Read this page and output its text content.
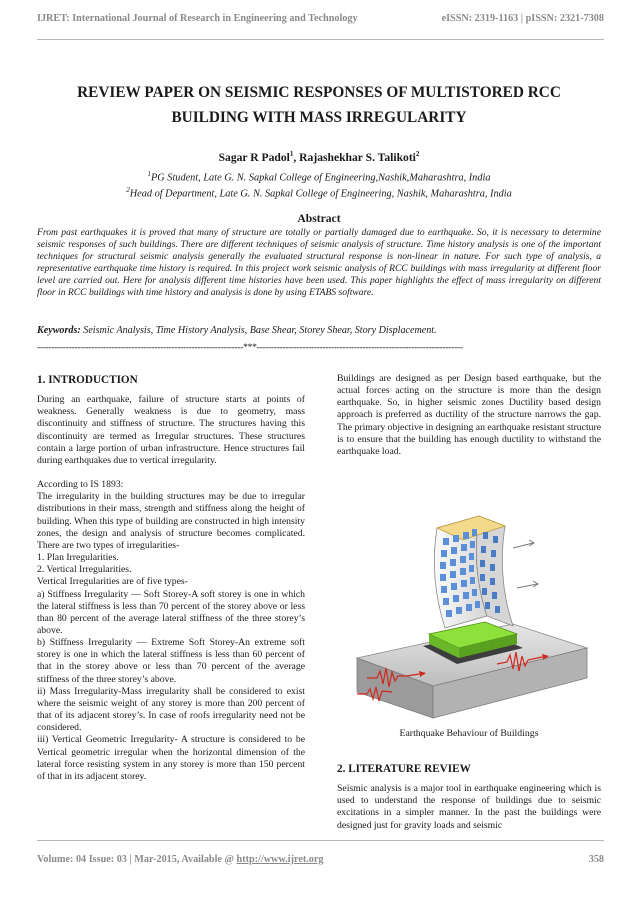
IJRET: International Journal of Research in Engineering and Technology	eISSN: 2319-1163 | pISSN: 2321-7308
REVIEW PAPER ON SEISMIC RESPONSES OF MULTISTORED RCC
BUILDING WITH MASS IRREGULARITY
Sagar R Padol$^1$, Rajashekhar S. Talikoti$^2$
$^1$PG Student, Late G. N. Sapkal College of Engineering,Nashik,Maharashtra, India
$^2$Head of Department, Late G. N. Sapkal College of Engineering, Nashik, Maharashtra, India
Abstract
From past earthquakes it is proved that many of structure are totally or partially damaged due to earthquake. So, it is necessary to determine seismic responses of such buildings. There are different techniques of seismic analysis of structure. Time history analysis is one of the important techniques for structural seismic analysis generally the evaluated structural response is non-linear in nature. For such type of analysis, a representative earthquake time history is required. In this project work seismic analysis of RCC buildings with mass irregularity at different floor level are carried out. Here for analysis different time histories have been used. This paper highlights the effect of mass irregularity on different floor in RCC buildings with time history and analysis is done by using ETABS software.
Keywords: Seismic Analysis, Time History Analysis, Base Shear, Storey Shear, Story Displacement.
------------------------------------------------------------------------***------------------------------------------------------------------------
1. INTRODUCTION

During an earthquake, failure of structure starts at points of weakness. Generally weakness is due to geometry, mass discontinuity and stiffness of structure. The structures having this discontinuity are termed as Irregular structures. These structures contain a large portion of urban infrastructure. Hence structures fail during earthquakes due to vertical irregularity.

According to IS 1893:

The irregularity in the building structures may be due to irregular distributions in their mass, strength and stiffness along the height of building. When this type of building are constructed in high intensity zones, the design and analysis of structure becomes complicated. There are two types of irregularities-

1. Plan Irregularities.

2. Vertical Irregularities.

Vertical Irregularities are of five types-

a) Stiffness Irregularity — Soft Storey-A soft storey is one in which the lateral stiffness is less than 70 percent of the storey above or less than 80 percent of the average lateral stiffness of the three storey’s above.

b) Stiffness Irregularity — Extreme Soft Storey-An extreme soft storey is one in which the lateral stiffness is less than 60 percent of that in the storey above or less than 70 percent of the average stiffness of the three storey’s above.

ii) Mass Irregularity-Mass irregularity shall be considered to exist where the seismic weight of any storey is more than 200 percent of that of its adjacent storey’s. In case of roofs irregularity need not be considered.

iii) Vertical Geometric Irregularity- A structure is considered to be Vertical geometric irregular when the horizontal dimension of the lateral force resisting system in any storey is more than 150 percent of that in its adjacent storey.

Buildings are designed as per Design based earthquake, but the actual forces acting on the structure is more than the design earthquake. So, in higher seismic zones Ductility based design approach is preferred as ductility of the structure narrows the gap. The primary objective in designing an earthquake resistant structure is to ensure that the building has enough ductility to withstand the earthquake load.

Earthquake Behaviour of Buildings
2. LITERATURE REVIEW

Seismic analysis is a major tool in earthquake engineering which is used to understand the response of buildings due to seismic excitations in a simpler manner. In the past the buildings were designed just for gravity loads and seismic

Volume: 04 Issue: 03 | Mar-2015, Available @ http://www.ijret.org	358
